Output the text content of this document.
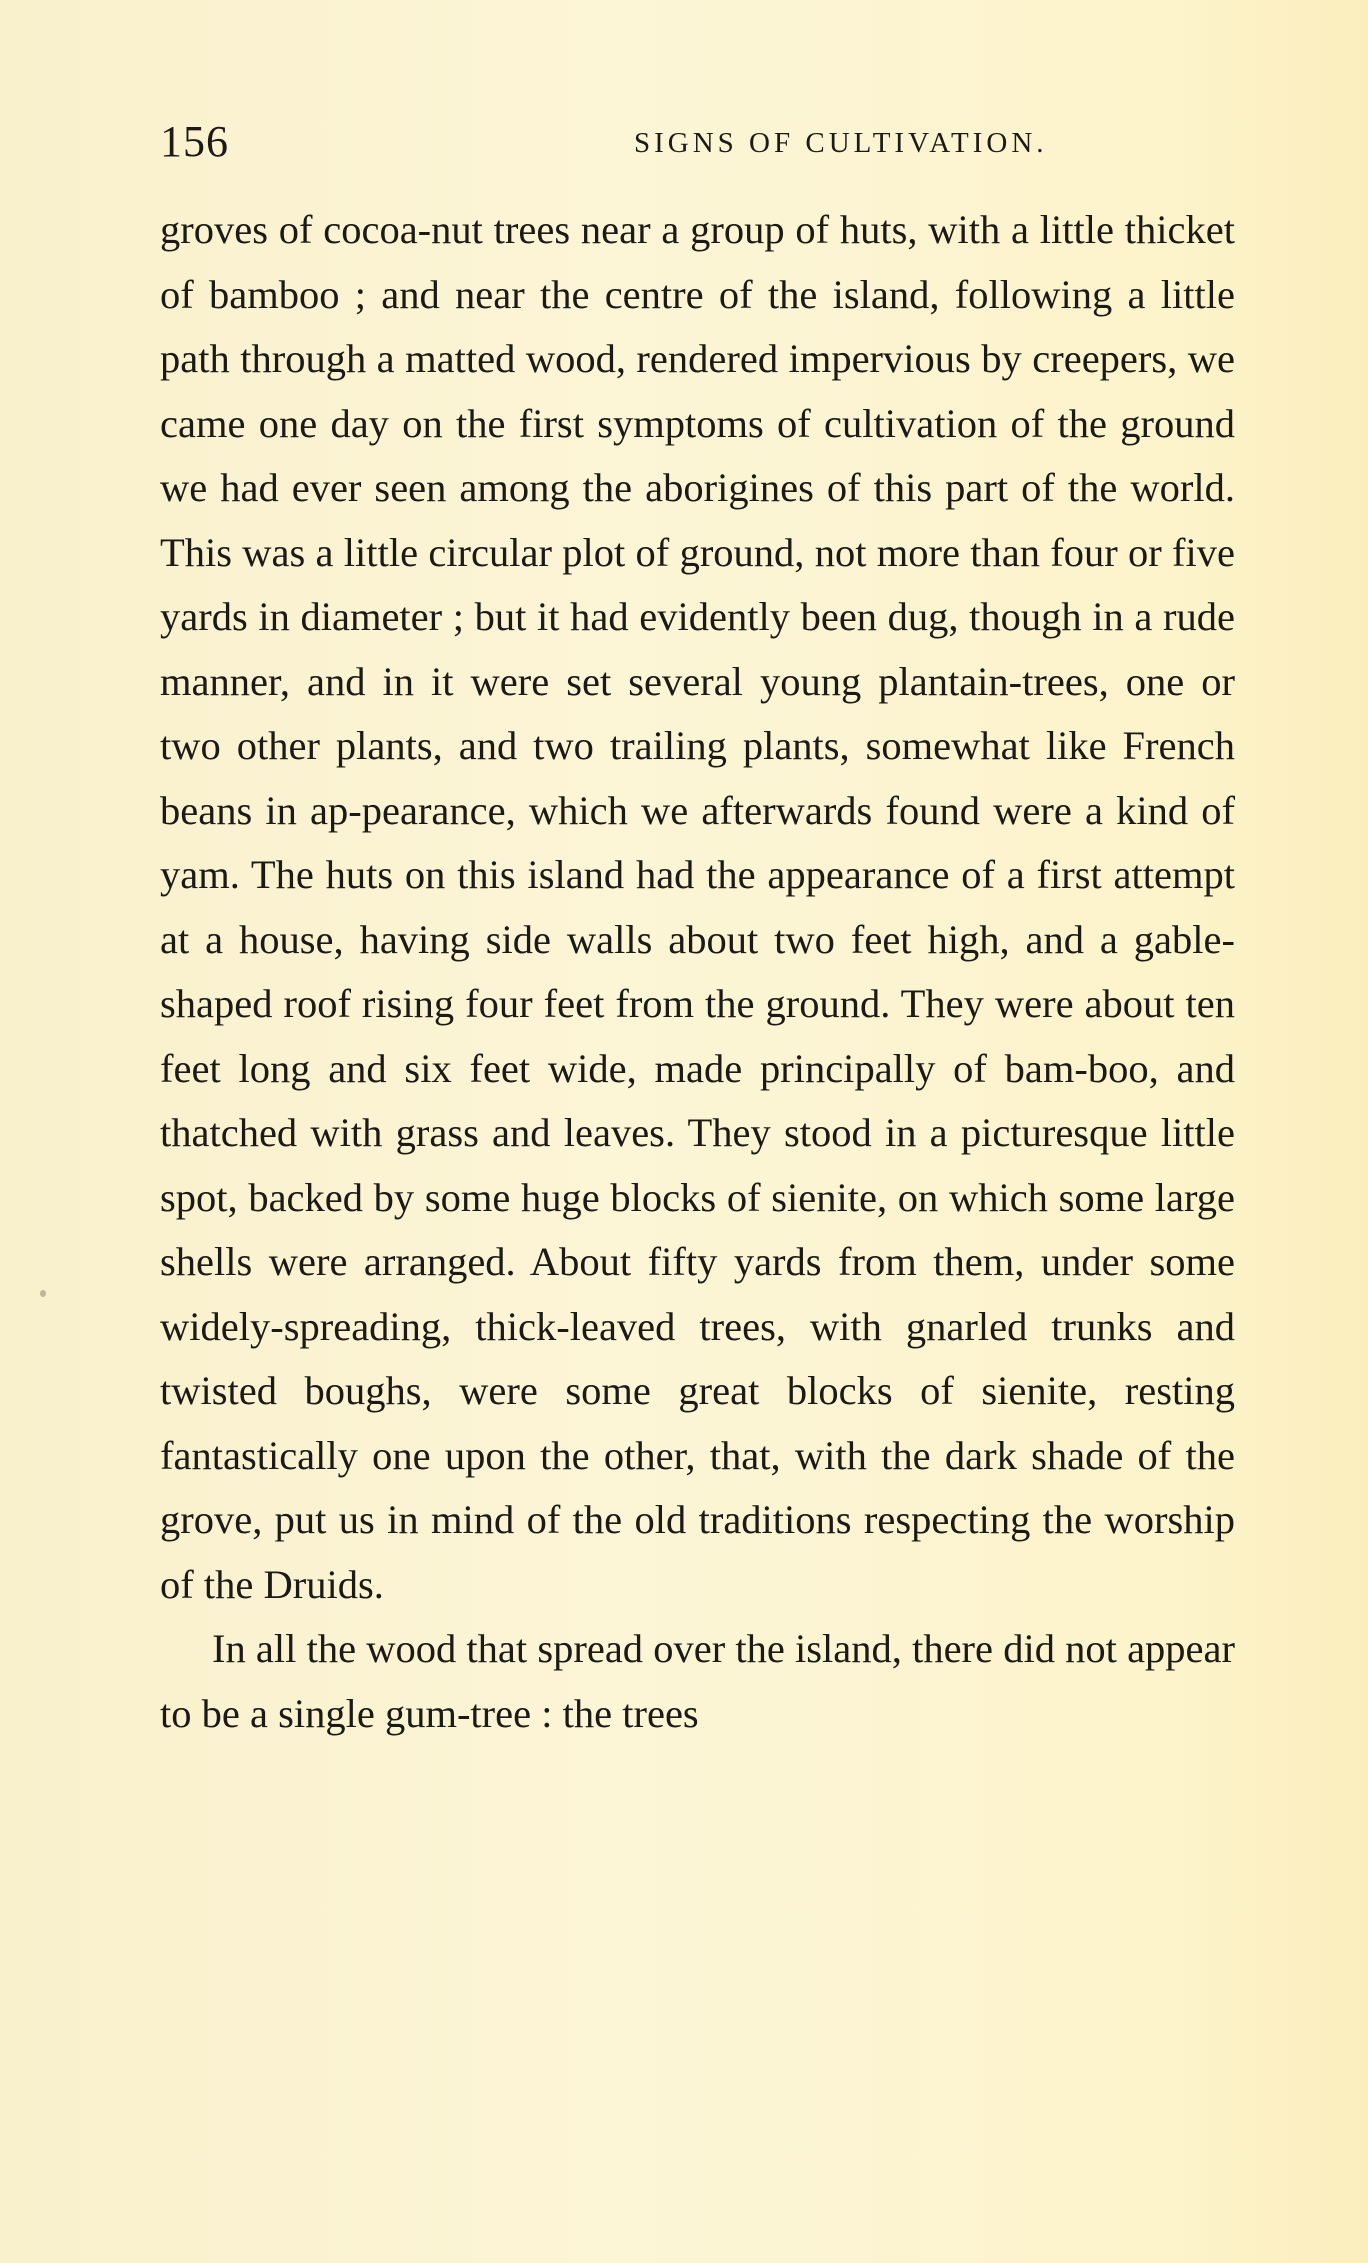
156	SIGNS OF CULTIVATION.

groves of cocoa-nut trees near a group of huts, with a little thicket of bamboo ; and near the centre of the island, following a little path through a matted wood, rendered impervious by creepers, we came one day on the first symptoms of cultivation of the ground we had ever seen among the aborigines of this part of the world. This was a little circular plot of ground, not more than four or five yards in diameter ; but it had evidently been dug, though in a rude manner, and in it were set several young plantain-trees, one or two other plants, and two trailing plants, somewhat like French beans in ap-pearance, which we afterwards found were a kind of yam. The huts on this island had the appearance of a first attempt at a house, having side walls about two feet high, and a gable-shaped roof rising four feet from the ground. They were about ten feet long and six feet wide, made principally of bam-boo, and thatched with grass and leaves. They stood in a picturesque little spot, backed by some huge blocks of sienite, on which some large shells were arranged. About fifty yards from them, under some widely-spreading, thick-leaved trees, with gnarled trunks and twisted boughs, were some great blocks of sienite, resting fantastically one upon the other, that, with the dark shade of the grove, put us in mind of the old traditions respecting the worship of the Druids.

In all the wood that spread over the island, there did not appear to be a single gum-tree : the trees
